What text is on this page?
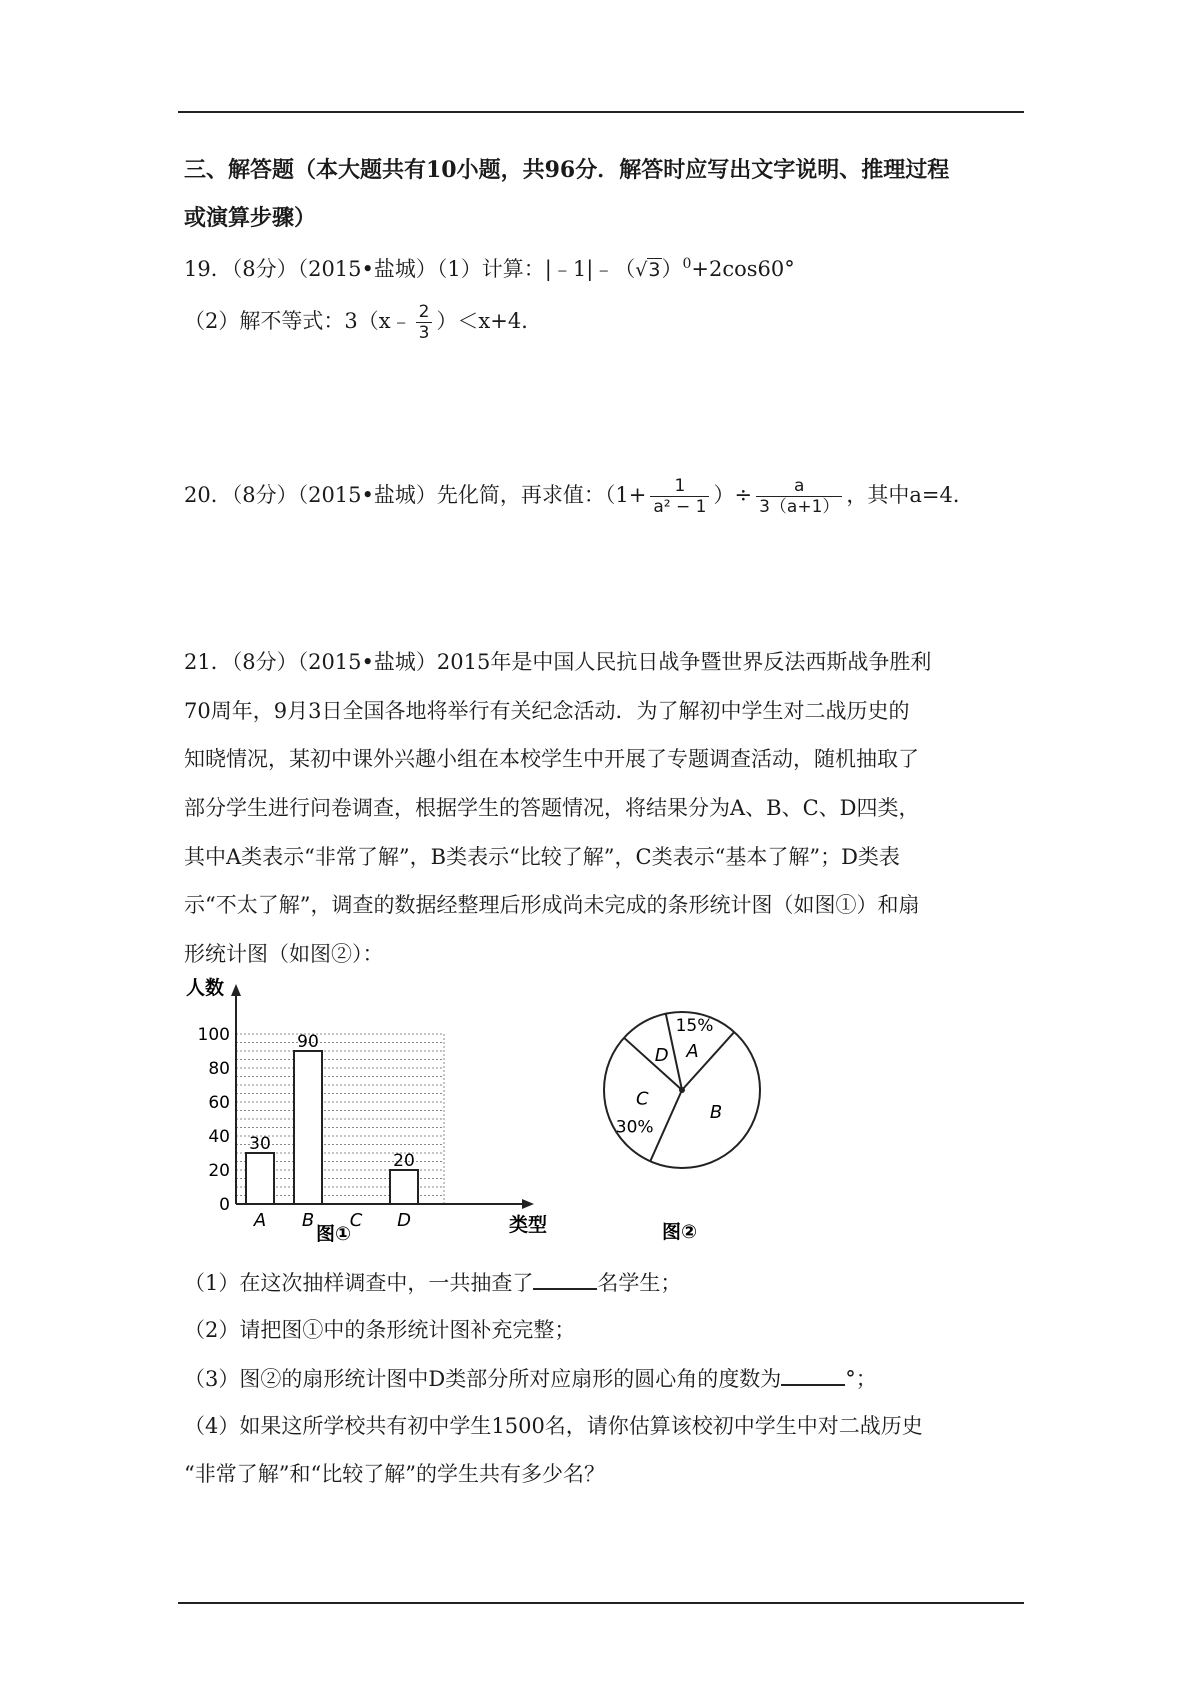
三、解答题（本大题共有10小题，共96分．解答时应写出文字说明、推理过程
或演算步骤）
19．（8分）（2015•盐城）（1）计算：$|﹣1|﹣(√3)^0+2\cos 60^\circ$
（2）解不等式：3（x﹣ $\frac{2}{3} )<x+4$．
20．（8分）（2015•盐城）先化简，再求值：（$1+ \frac{1}{\text{a² − 1}}$ ）÷ $\frac{a}{3(a+1)}$ ，其中a=4．
21．（8分）（2015•盐城）2015年是中国人民抗日战争暨世界反法西斯战争胜利
70周年，9月3日全国各地将举行有关纪念活动．为了解初中学生对二战历史的
知晓情况，某初中课外兴趣小组在本校学生中开展了专题调查活动，随机抽取了
部分学生进行问卷调查，根据学生的答题情况，将结果分为A、B、C、D四类，
其中A类表示“非常了解”，B类表示“比较了解”，C类表示“基本了解”；D类表
示“不太了解”，调查的数据经整理后形成尚未完成的条形统计图（如图①）和扇
形统计图（如图②）：
人数
类型
图①
0
20
40
60
80
100
30
90
20
A B C D
A
15%
B
C
30%
D
图②
（1）在这次抽样调查中，一共抽查了	名学生；
（2）请把图①中的条形统计图补充完整；
（3）图②的扇形统计图中D类部分所对应扇形的圆心角的度数为	°；
（4）如果这所学校共有初中学生1500名，请你估算该校初中学生中对二战历史
“非常了解”和“比较了解”的学生共有多少名？
